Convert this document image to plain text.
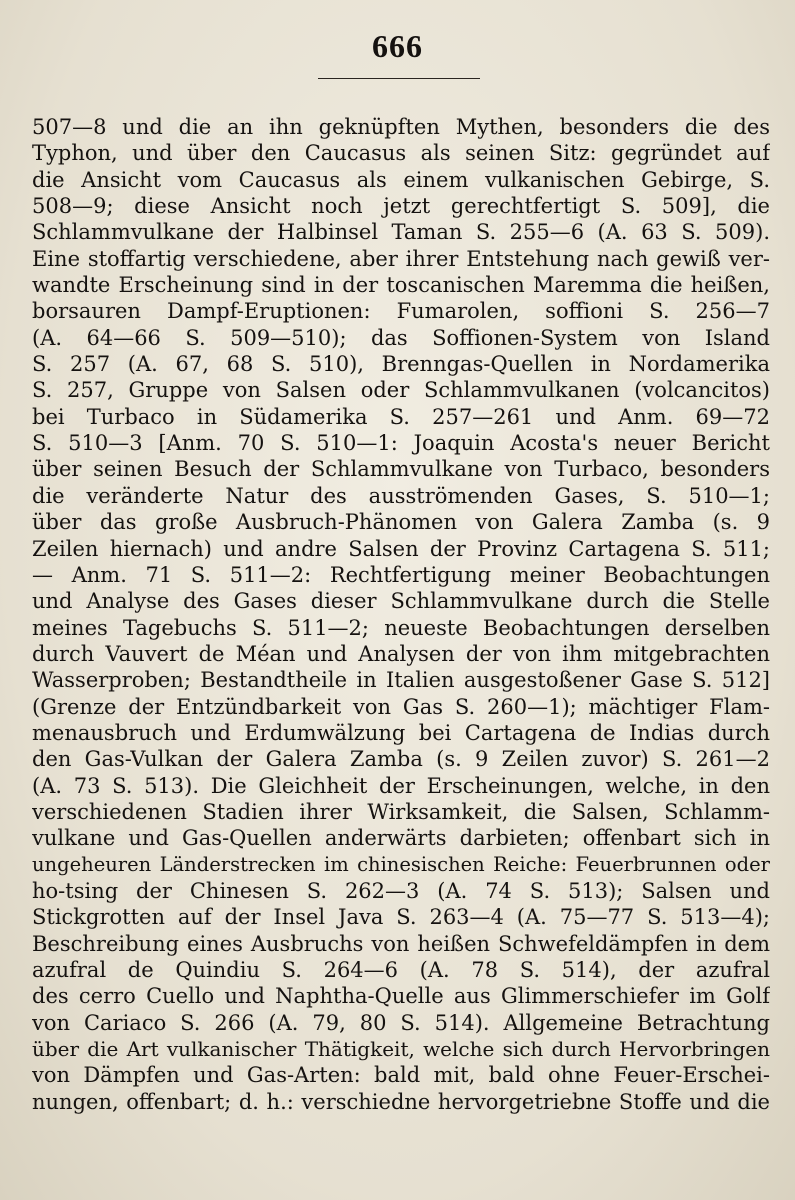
666
507—8 und die an ihn geknüpften Mythen, besonders die des
Typhon, und über den Caucasus als seinen Sitz: gegründet auf
die Ansicht vom Caucasus als einem vulkanischen Gebirge, S.
508—9; diese Ansicht noch jetzt gerechtfertigt S. 509], die
Schlammvulkane der Halbinsel Taman S. 255—6 (A. 63 S. 509).
Eine stoffartig verschiedene, aber ihrer Entstehung nach gewiß ver-
wandte Erscheinung sind in der toscanischen Maremma die heißen,
borsauren Dampf-Eruptionen: Fumarolen, soffioni S. 256—7
(A. 64—66 S. 509—510); das Soffionen-System von Island
S. 257 (A. 67, 68 S. 510), Brenngas-Quellen in Nordamerika
S. 257, Gruppe von Salsen oder Schlammvulkanen (volcancitos)
bei Turbaco in Südamerika S. 257—261 und Anm. 69—72
S. 510—3 [Anm. 70 S. 510—1: Joaquin Acosta's neuer Bericht
über seinen Besuch der Schlammvulkane von Turbaco, besonders
die veränderte Natur des ausströmenden Gases, S. 510—1;
über das große Ausbruch-Phänomen von Galera Zamba (s. 9
Zeilen hiernach) und andre Salsen der Provinz Cartagena S. 511;
— Anm. 71 S. 511—2: Rechtfertigung meiner Beobachtungen
und Analyse des Gases dieser Schlammvulkane durch die Stelle
meines Tagebuchs S. 511—2; neueste Beobachtungen derselben
durch Vauvert de Méan und Analysen der von ihm mitgebrachten
Wasserproben; Bestandtheile in Italien ausgestoßener Gase S. 512]
(Grenze der Entzündbarkeit von Gas S. 260—1); mächtiger Flam-
menausbruch und Erdumwälzung bei Cartagena de Indias durch
den Gas-Vulkan der Galera Zamba (s. 9 Zeilen zuvor) S. 261—2
(A. 73 S. 513). Die Gleichheit der Erscheinungen, welche, in den
verschiedenen Stadien ihrer Wirksamkeit, die Salsen, Schlamm-
vulkane und Gas-Quellen anderwärts darbieten; offenbart sich in
ungeheuren Länderstrecken im chinesischen Reiche: Feuerbrunnen oder
ho-tsing der Chinesen S. 262—3 (A. 74 S. 513); Salsen und
Stickgrotten auf der Insel Java S. 263—4 (A. 75—77 S. 513—4);
Beschreibung eines Ausbruchs von heißen Schwefeldämpfen in dem
azufral de Quindiu S. 264—6 (A. 78 S. 514), der azufral
des cerro Cuello und Naphtha-Quelle aus Glimmerschiefer im Golf
von Cariaco S. 266 (A. 79, 80 S. 514). Allgemeine Betrachtung
über die Art vulkanischer Thätigkeit, welche sich durch Hervorbringen
von Dämpfen und Gas-Arten: bald mit, bald ohne Feuer-Erschei-
nungen, offenbart; d. h.: verschiedne hervorgetriebne Stoffe und die
